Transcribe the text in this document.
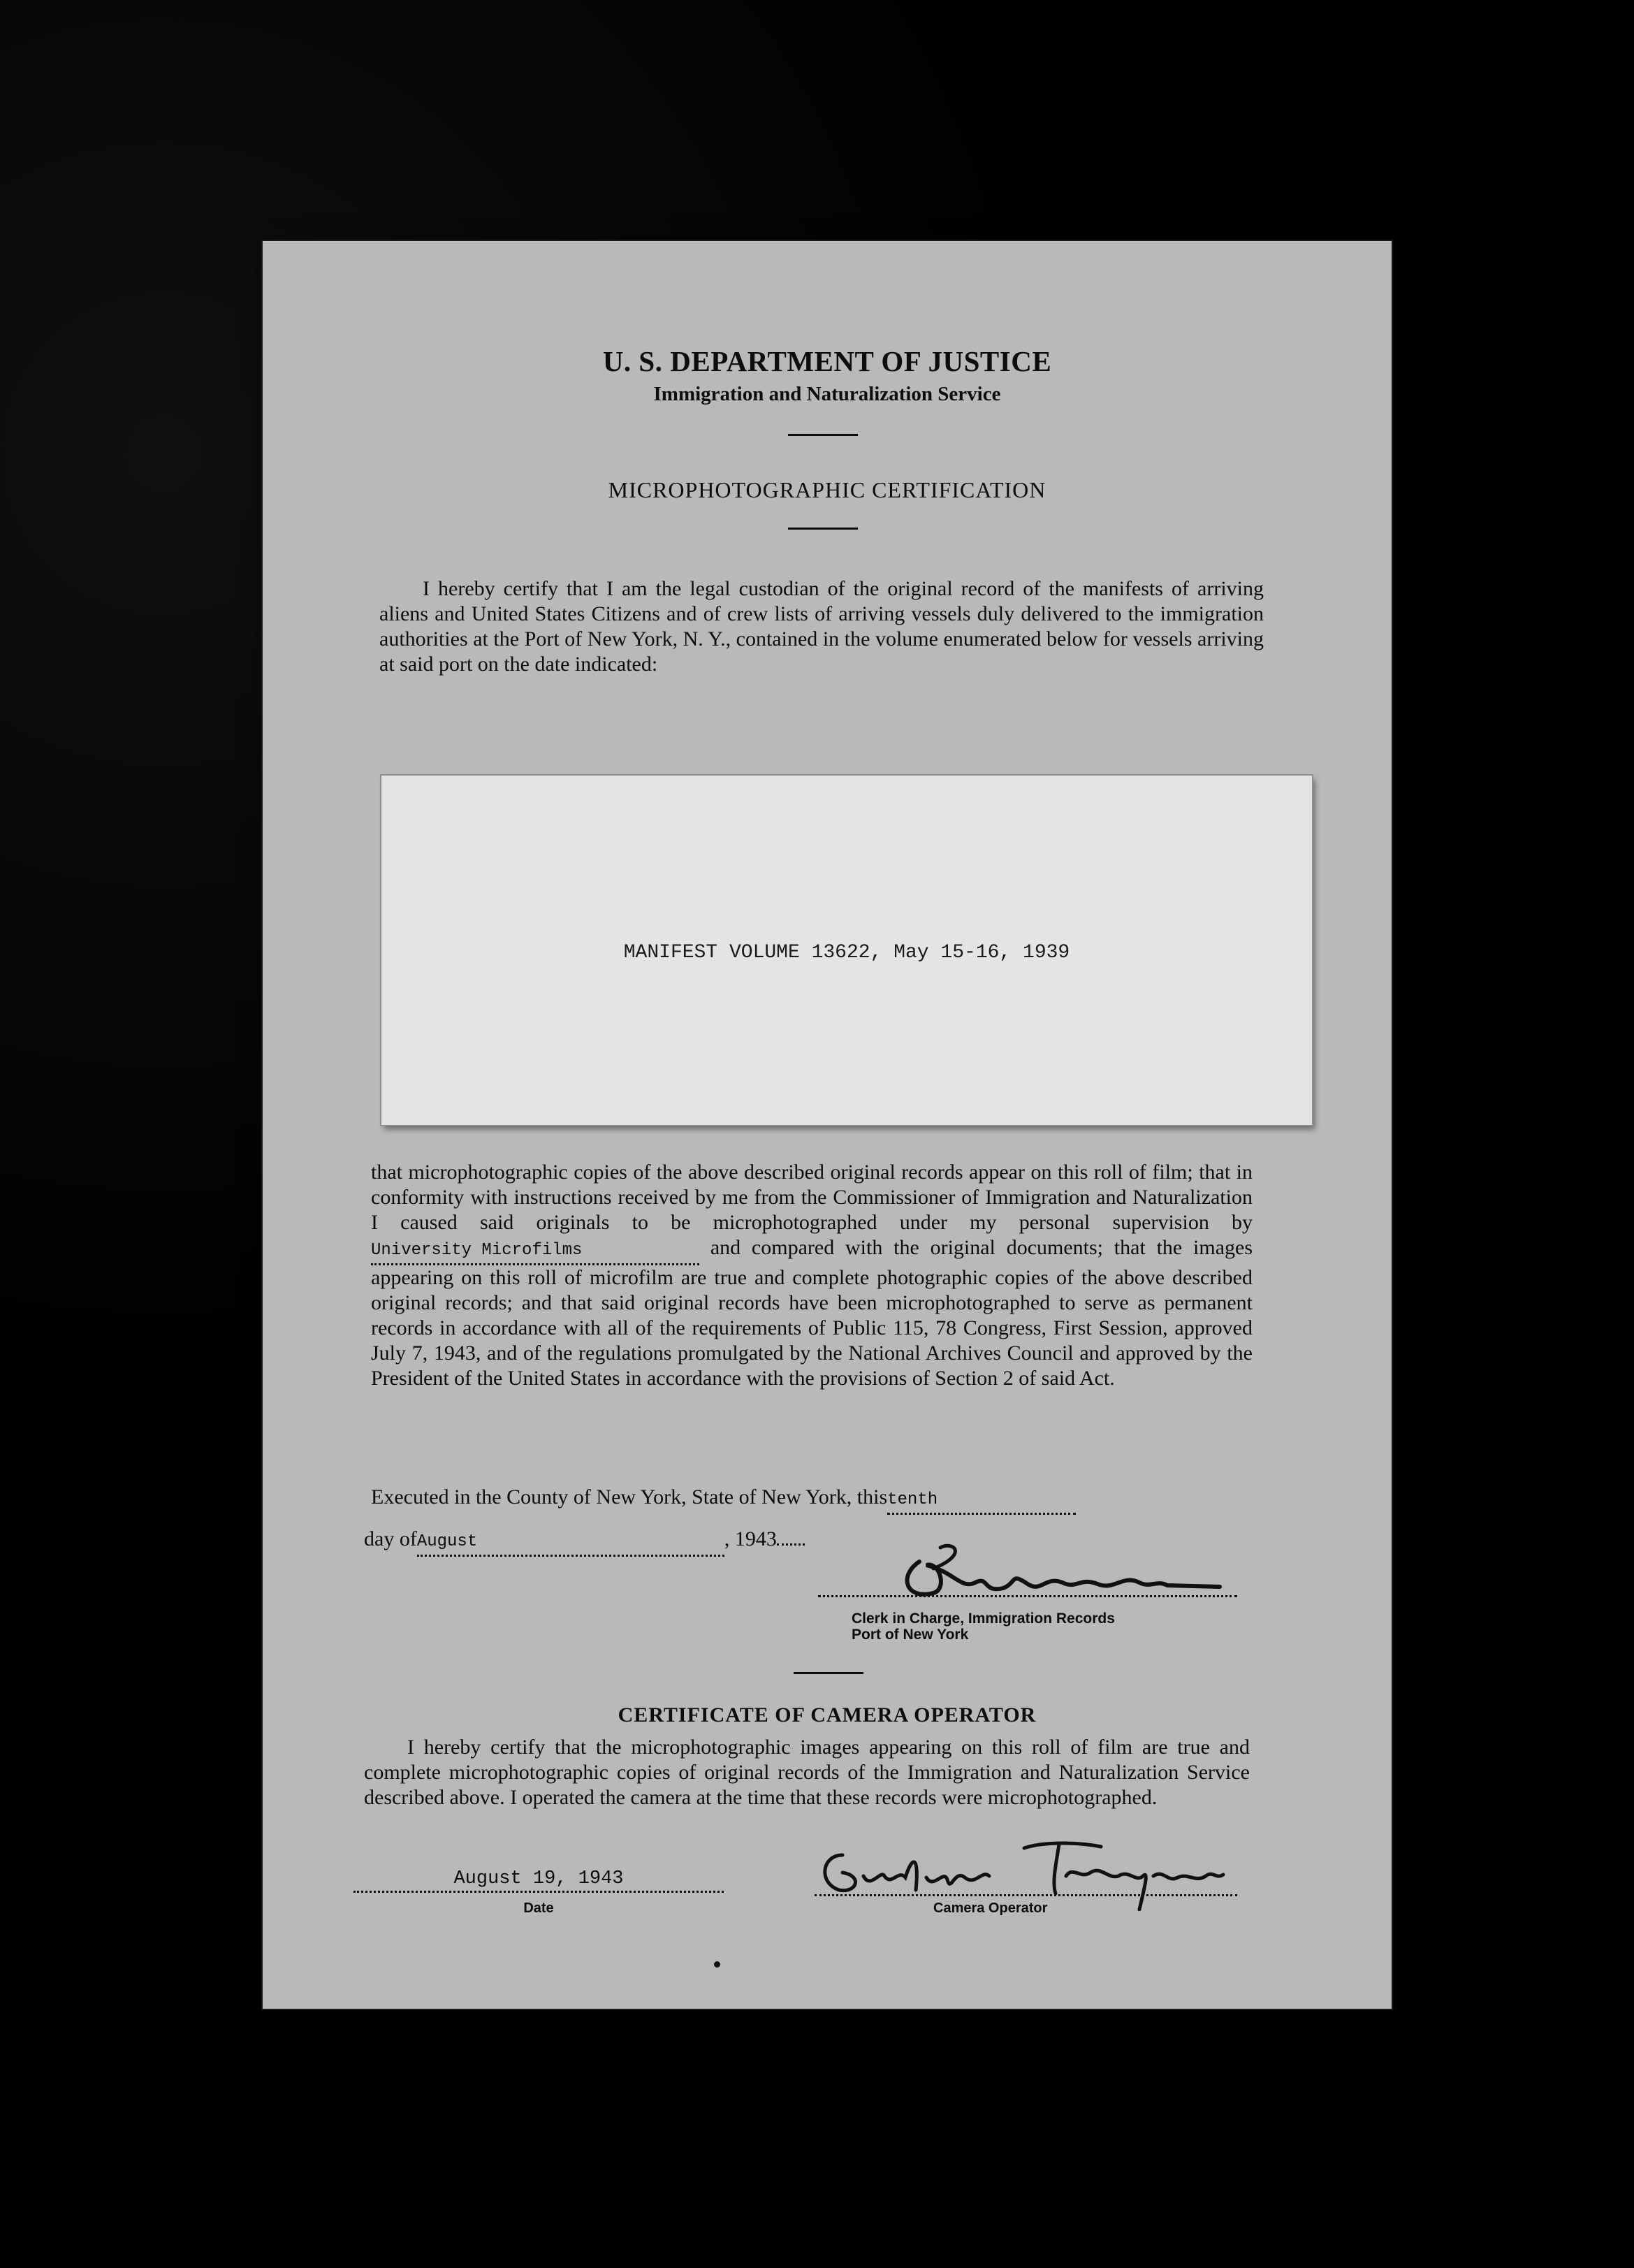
U. S. DEPARTMENT OF JUSTICE
Immigration and Naturalization Service
MICROPHOTOGRAPHIC CERTIFICATION
I hereby certify that I am the legal custodian of the original record of the manifests of arriving aliens and United States Citizens and of crew lists of arriving vessels duly delivered to the immigration authorities at the Port of New York, N. Y., contained in the volume enumerated below for vessels arriving at said port on the date indicated:
MANIFEST VOLUME 13622, May 15-16, 1939
that microphotographic copies of the above described original records appear on this roll of film; that in conformity with instructions received by me from the Commissioner of Immigration and Naturalization I caused said originals to be microphotographed under my personal supervision byUniversity Microfilms	and compared with the original documents; that the images appearing on this roll of microfilm are true and complete photographic copies of the above described original records; and that said original records have been microphotographed to serve as permanent records in accordance with all of the requirements of Public 115, 78 Congress, First Session, approved July 7, 1943, and of the regulations promulgated by the National Archives Council and approved by the President of the United States in accordance with the provisions of Section 2 of said Act.
Executed in the County of New York, State of New York, thistenth
day ofAugust	, 1943
Clerk in Charge, Immigration Records
Port of New York
CERTIFICATE OF CAMERA OPERATOR
I hereby certify that the microphotographic images appearing on this roll of film are true and complete microphotographic copies of original records of the Immigration and Naturalization Service described above. I operated the camera at the time that these records were microphotographed.
August 19, 1943
Date	Camera Operator
